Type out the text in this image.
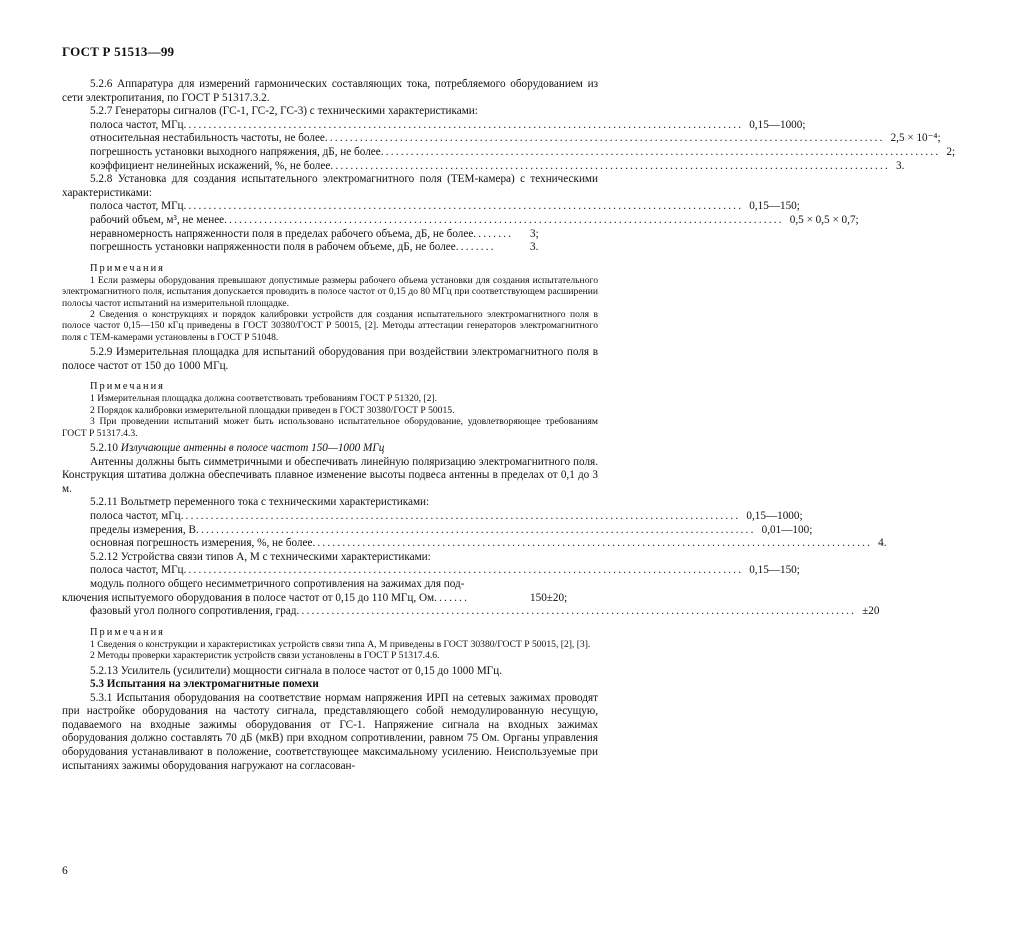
ГОСТ Р 51513—99
5.2.6 Аппаратура для измерений гармонических составляющих тока, потребляемого оборудованием из сети электропитания, по ГОСТ Р 51317.3.2.
5.2.7 Генераторы сигналов (ГС-1, ГС-2, ГС-3) с техническими характеристиками:
полоса частот, МГц ................................................................................................................ 0,15—1000;
относительная нестабильность частоты, не более ................................................................................................................ 2,5 × 10⁻⁴;
погрешность установки выходного напряжения, дБ, не более ................................................................................................................ 2;
коэффициент нелинейных искажений, %, не более ................................................................................................................ 3.
5.2.8 Установка для создания испытательного электромагнитного поля (ТЕМ-камера) с техническими характеристиками:
полоса частот, МГц ................................................................................................................ 0,15—150;
рабочий объем, м³, не менее ................................................................................................................ 0,5 × 0,5 × 0,7;
неравномерность напряженности поля в пределах рабочего объема, дБ, не более ........	3;
погрешность установки напряженности поля в рабочем объеме, дБ, не более ........	3.
Примечания
1 Если размеры оборудования превышают допустимые размеры рабочего объема установки для создания испытательного электромагнитного поля, испытания допускается проводить в полосе частот от 0,15 до 80 МГц при соответствующем расширении полосы частот испытаний на измерительной площадке.
2 Сведения о конструкциях и порядок калибровки устройств для создания испытательного электромагнитного поля в полосе частот 0,15—150 кГц приведены в ГОСТ 30380/ГОСТ Р 50015, [2]. Методы аттестации генераторов электромагнитного поля с ТЕМ-камерами установлены в ГОСТ Р 51048.
5.2.9 Измерительная площадка для испытаний оборудования при воздействии электромагнитного поля в полосе частот от 150 до 1000 МГц.
Примечания
1 Измерительная площадка должна соответствовать требованиям ГОСТ Р 51320, [2].
2 Порядок калибровки измерительной площадки приведен в ГОСТ 30380/ГОСТ Р 50015.
3 При проведении испытаний может быть использовано испытательное оборудование, удовлетворяющее требованиям ГОСТ Р 51317.4.3.
5.2.10 Излучающие антенны в полосе частот 150—1000 МГц
Антенны должны быть симметричными и обеспечивать линейную поляризацию электромагнитного поля. Конструкция штатива должна обеспечивать плавное изменение высоты подвеса антенны в пределах от 0,1 до 3 м.
5.2.11 Вольтметр переменного тока с техническими характеристиками:
полоса частот, мГц ................................................................................................................ 0,15—1000;
пределы измерения, В ................................................................................................................ 0,01—100;
основная погрешность измерения, %, не более ................................................................................................................ 4.
5.2.12 Устройства связи типов А, М с техническими характеристиками:
полоса частот, МГц ................................................................................................................ 0,15—150;
модуль полного общего несимметричного сопротивления на зажимах для под-
ключения испытуемого оборудования в полосе частот от 0,15 до 110 МГц, Ом .......	150±20;
фазовый угол полного сопротивления, град ................................................................................................................ ±20
Примечания
1 Сведения о конструкции и характеристиках устройств связи типа А, М приведены в ГОСТ 30380/ГОСТ Р 50015, [2], [3].
2 Методы проверки характеристик устройств связи установлены в ГОСТ Р 51317.4.6.
5.2.13 Усилитель (усилители) мощности сигнала в полосе частот от 0,15 до 1000 МГц.
5.3 Испытания на электромагнитные помехи
5.3.1 Испытания оборудования на соответствие нормам напряжения ИРП на сетевых зажимах проводят при настройке оборудования на частоту сигнала, представляющего собой немодулированную несущую, подаваемого на входные зажимы оборудования от ГС-1. Напряжение сигнала на входных зажимах оборудования должно составлять 70 дБ (мкВ) при входном сопротивлении, равном 75 Ом. Органы управления оборудования устанавливают в положение, соответствующее максимальному усилению. Неиспользуемые при испытаниях зажимы оборудования нагружают на согласован-
6
